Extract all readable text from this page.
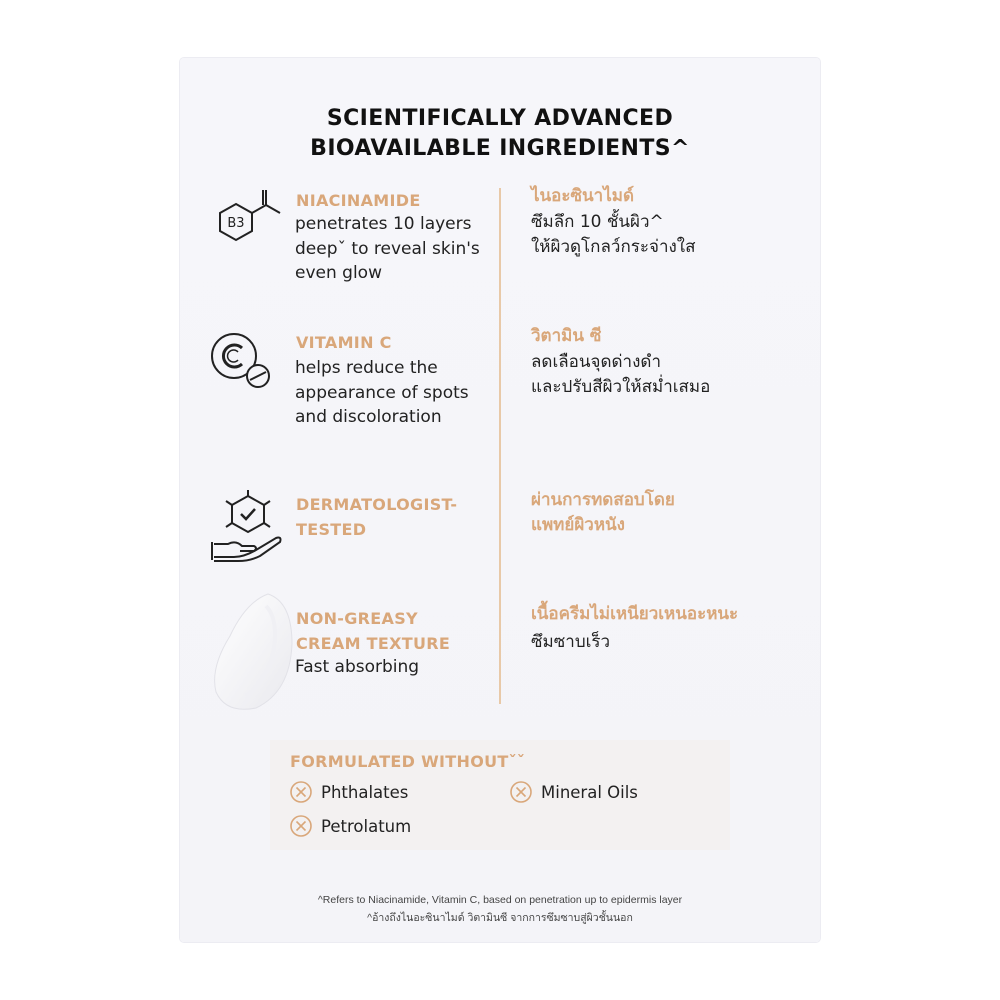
SCIENTIFICALLY ADVANCED
BIOAVAILABLE INGREDIENTS^
B3
NIACINAMIDE
penetrates 10 layers
deepˇ to reveal skin's
even glow
ไนอะซินาไมด์
ซึมลึก 10 ชั้นผิว^
ให้ผิวดูโกลว์กระจ่างใส
VITAMIN C
helps reduce the
appearance of spots
and discoloration
วิตามิน ซี
ลดเลือนจุดด่างดำ
และปรับสีผิวให้สม่ำเสมอ
DERMATOLOGIST-
TESTED
ผ่านการทดสอบโดย
แพทย์ผิวหนัง
NON-GREASY
CREAM TEXTURE
Fast absorbing
เนื้อครีมไม่เหนียวเหนอะหนะ
ซึมซาบเร็ว
FORMULATED WITHOUTˇˇ
Phthalates	Mineral Oils
Petrolatum
^Refers to Niacinamide, Vitamin C, based on penetration up to epidermis layer
^อ้างถึงไนอะซินาไมด์ วิตามินซี จากการซึมซาบสู่ผิวชั้นนอก
